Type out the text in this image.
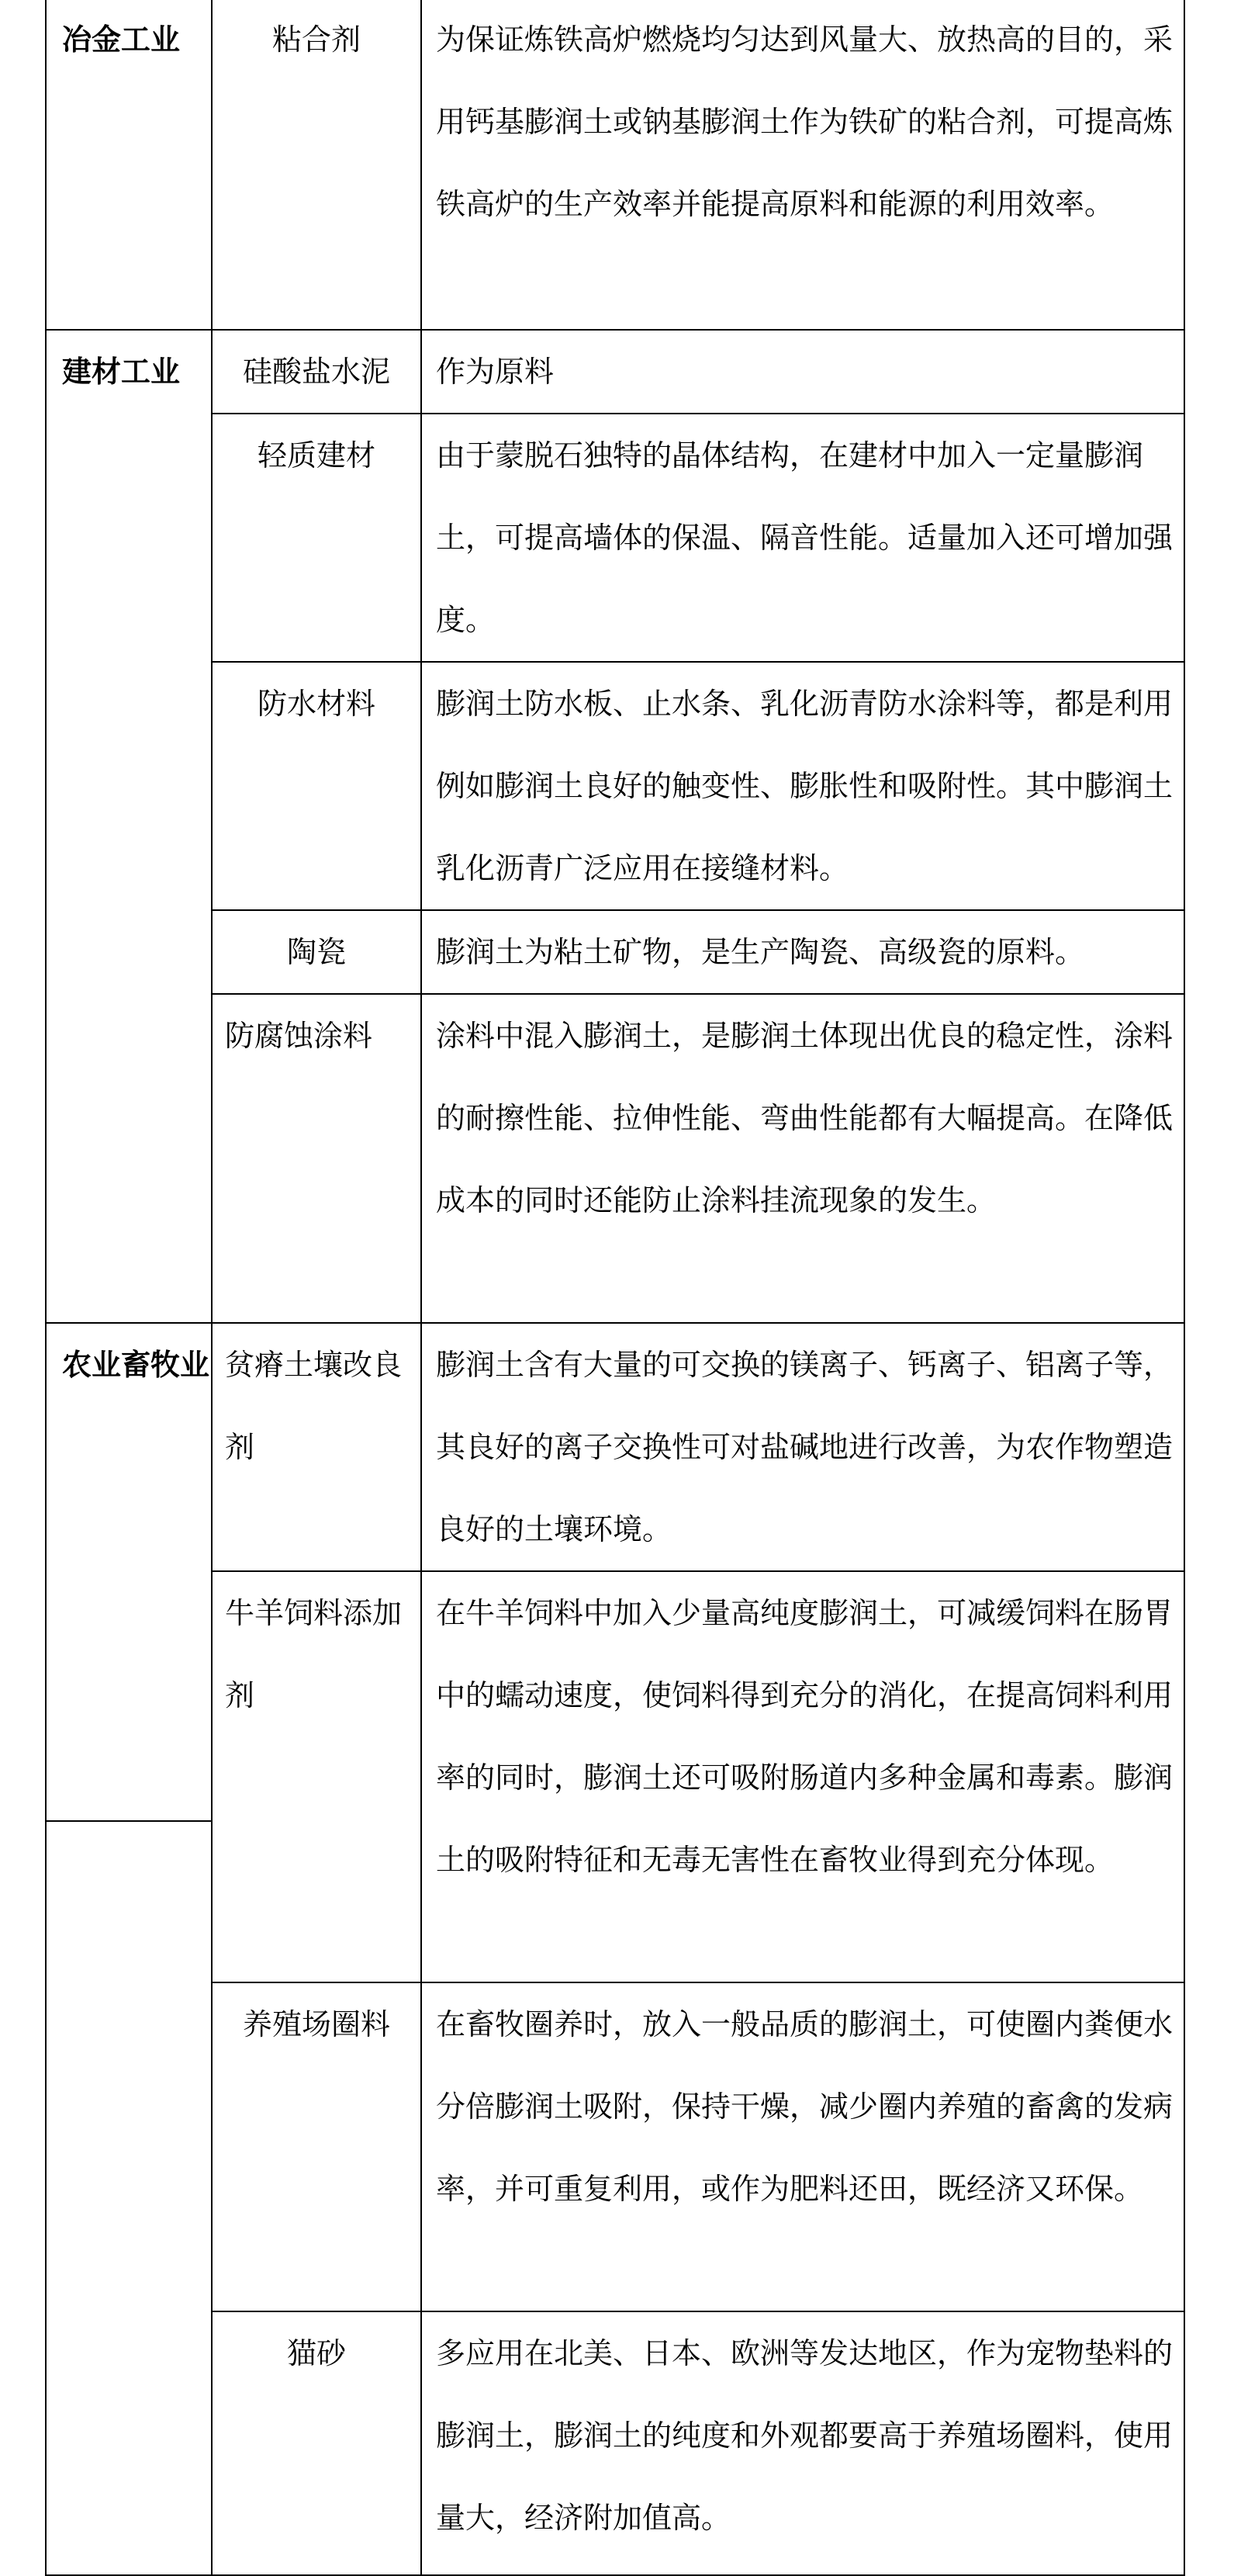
冶金工业	粘合剂	为保证炼铁高炉燃烧均匀达到风量大、放热高的目的，采用钙基膨润土或钠基膨润土作为铁矿的粘合剂，可提高炼铁高炉的生产效率并能提高原料和能源的利用效率。
建材工业	硅酸盐水泥	作为原料
	轻质建材	由于蒙脱石独特的晶体结构，在建材中加入一定量膨润土，可提高墙体的保温、隔音性能。适量加入还可增加强度。
	防水材料	膨润土防水板、止水条、乳化沥青防水涂料等，都是利用例如膨润土良好的触变性、膨胀性和吸附性。其中膨润土乳化沥青广泛应用在接缝材料。
	陶瓷	膨润土为粘土矿物，是生产陶瓷、高级瓷的原料。
	防腐蚀涂料	涂料中混入膨润土，是膨润土体现出优良的稳定性，涂料的耐擦性能、拉伸性能、弯曲性能都有大幅提高。在降低成本的同时还能防止涂料挂流现象的发生。
农业畜牧业	贫瘠土壤改良剂	膨润土含有大量的可交换的镁离子、钙离子、铝离子等，其良好的离子交换性可对盐碱地进行改善，为农作物塑造良好的土壤环境。
	牛羊饲料添加剂	在牛羊饲料中加入少量高纯度膨润土，可减缓饲料在肠胃中的蠕动速度，使饲料得到充分的消化，在提高饲料利用率的同时，膨润土还可吸附肠道内多种金属和毒素。膨润土的吸附特征和无毒无害性在畜牧业得到充分体现。
	养殖场圈料	在畜牧圈养时，放入一般品质的膨润土，可使圈内粪便水分倍膨润土吸附，保持干燥，减少圈内养殖的畜禽的发病率，并可重复利用，或作为肥料还田，既经济又环保。
	猫砂	多应用在北美、日本、欧洲等发达地区，作为宠物垫料的膨润土，膨润土的纯度和外观都要高于养殖场圈料，使用量大，经济附加值高。
